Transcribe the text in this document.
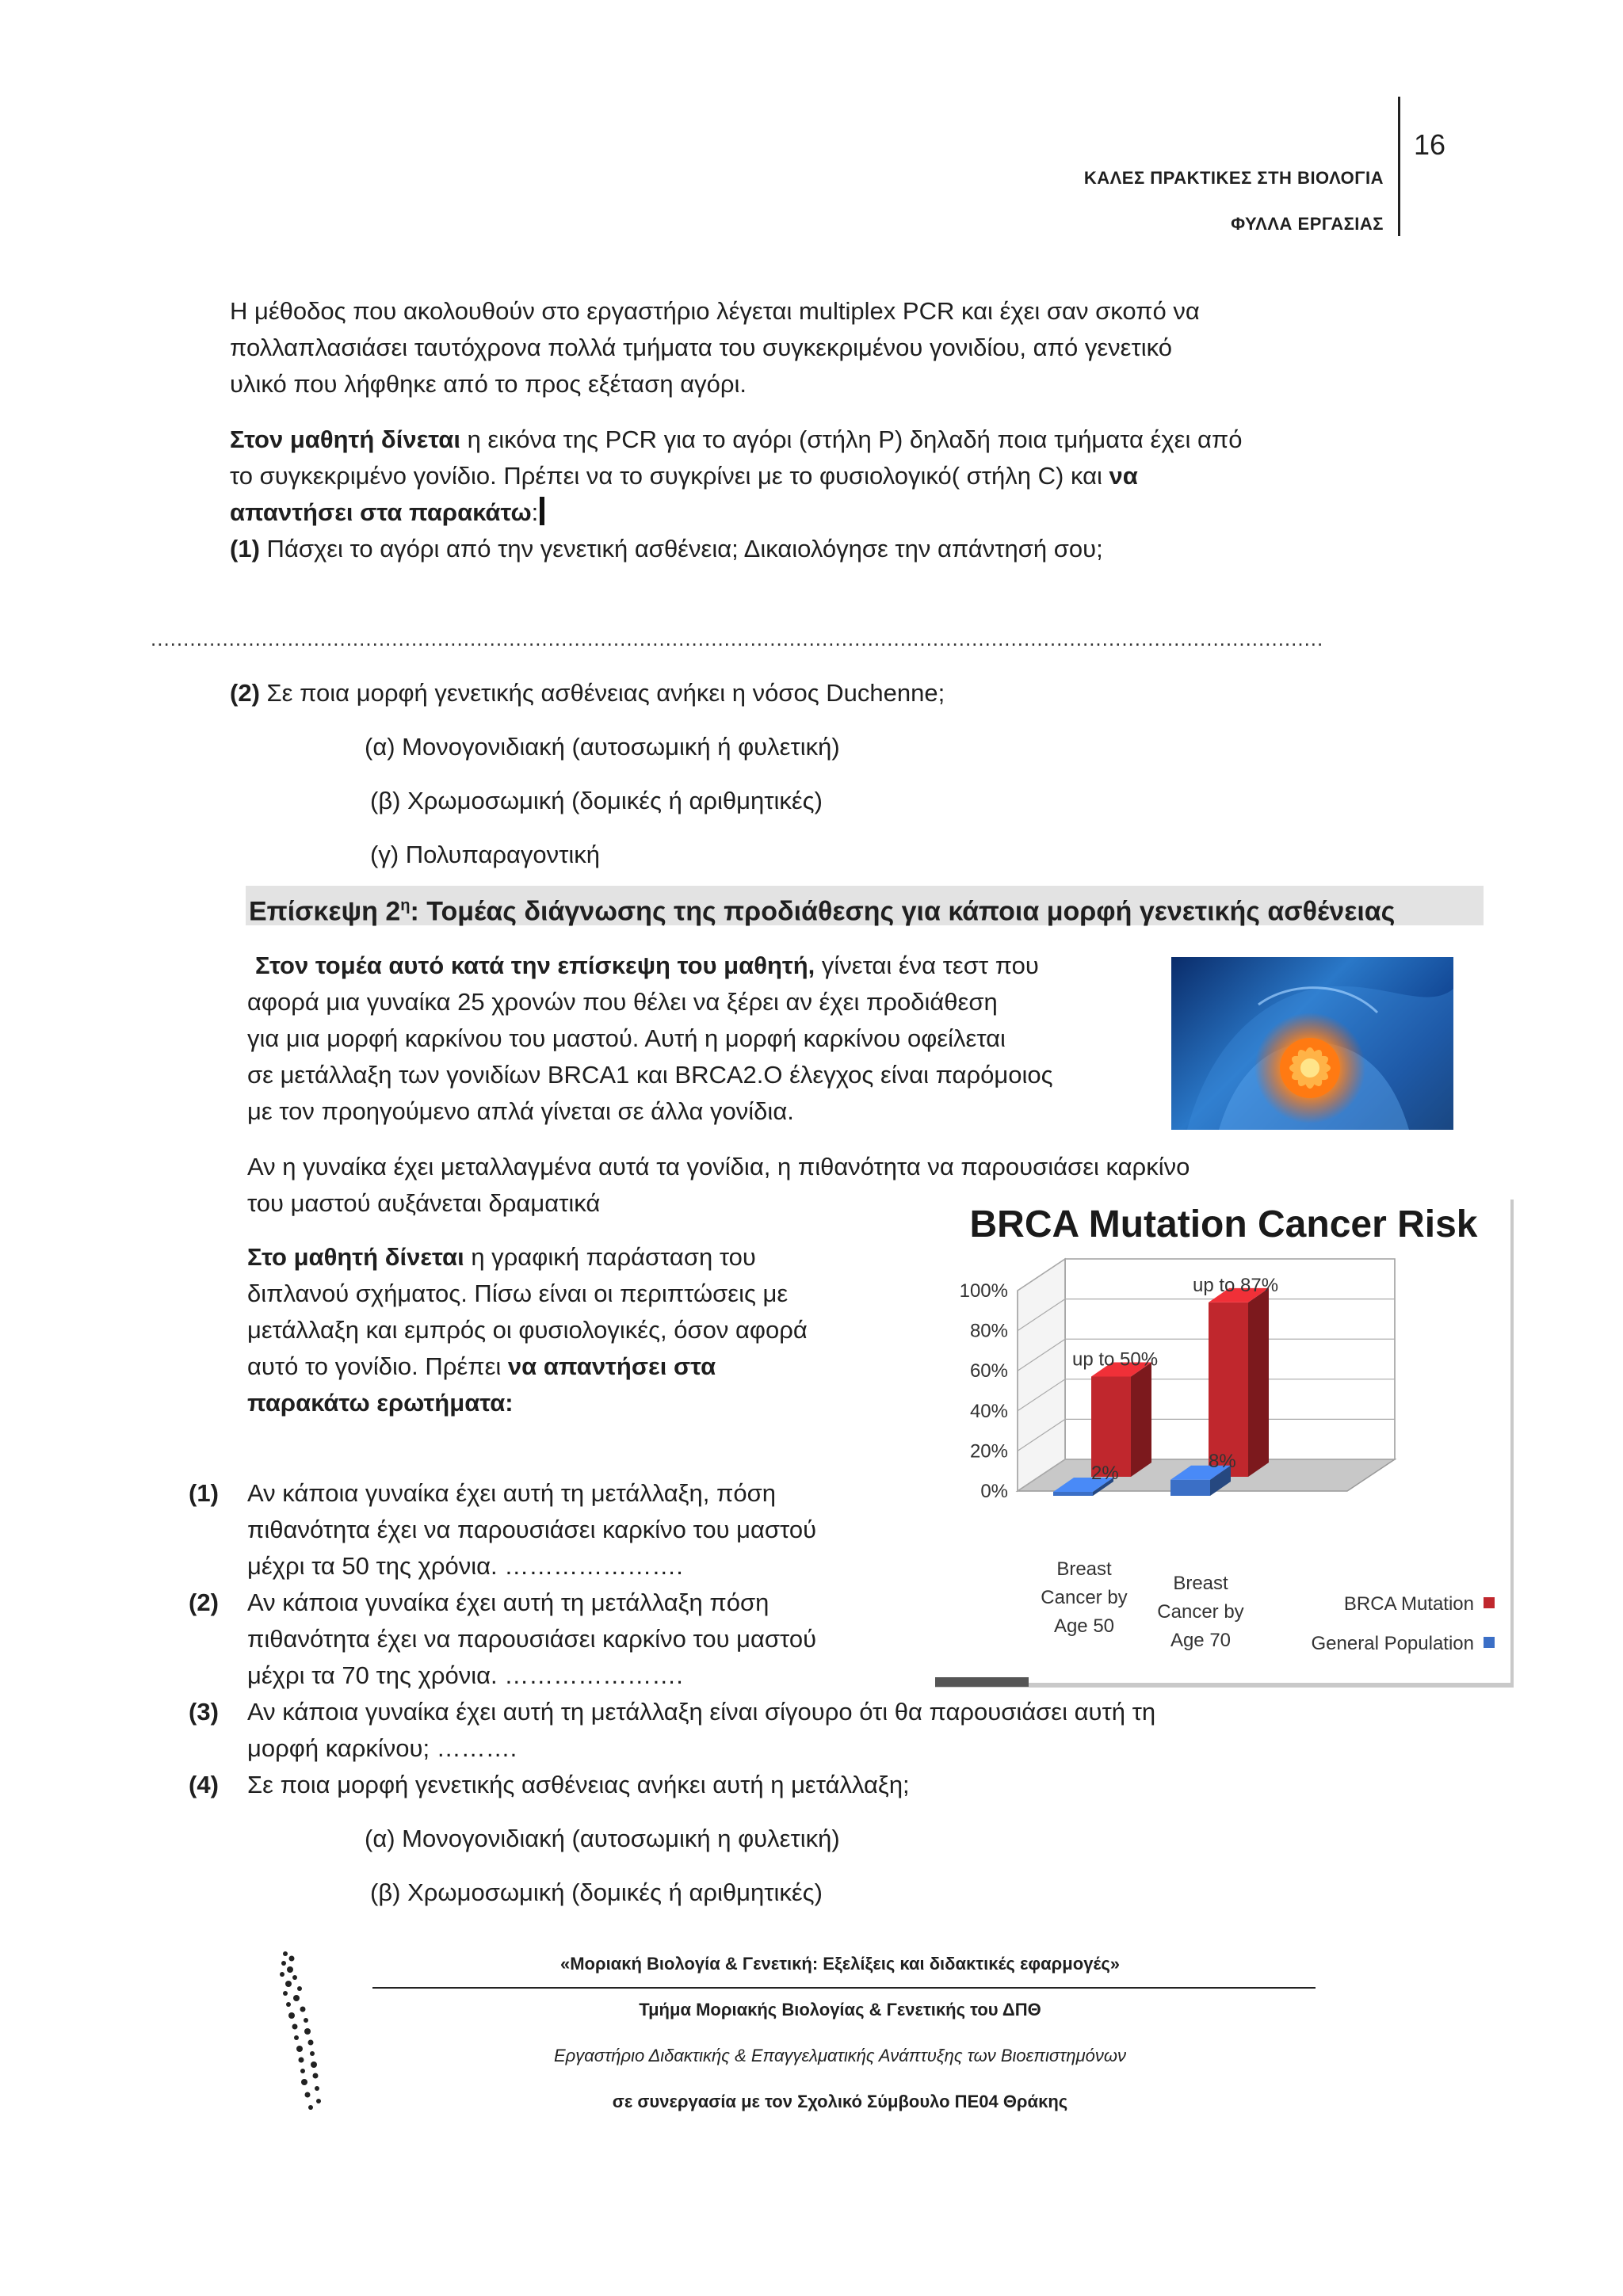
16
ΚΑΛΕΣ ΠΡΑΚΤΙΚΕΣ ΣΤΗ ΒΙΟΛΟΓΙΑ
ΦΥΛΛΑ ΕΡΓΑΣΙΑΣ
Η μέθοδος που ακολουθούν στο εργαστήριο λέγεται multiplex PCR και έχει σαν σκοπό να
πολλαπλασιάσει ταυτόχρονα πολλά τμήματα του συγκεκριμένου γονιδίου, από γενετικό
υλικό που λήφθηκε από το προς εξέταση αγόρι.
Στον μαθητή δίνεται η εικόνα της PCR για το αγόρι (στήλη P) δηλαδή ποια τμήματα έχει από
το συγκεκριμένο γονίδιο. Πρέπει να το συγκρίνει με το φυσιολογικό( στήλη C) και να
απαντήσει στα παρακάτω:
(1) Πάσχει το αγόρι από την γενετική ασθένεια; Δικαιολόγησε την απάντησή σου;
....................................................................................................................................................................................
(2) Σε ποια μορφή γενετικής ασθένειας ανήκει η νόσος Duchenne;
(α) Μονογονιδιακή (αυτοσωμική ή φυλετική)
(β) Χρωμοσωμική (δομικές ή αριθμητικές)
(γ) Πολυπαραγοντική
Επίσκεψη $2^\eta$: Τομέας διάγνωσης της προδιάθεσης για κάποια μορφή γενετικής ασθένειας
Στον τομέα αυτό κατά την επίσκεψη του μαθητή, γίνεται ένα τεστ που
αφορά μια γυναίκα 25 χρονών που θέλει να ξέρει αν έχει προδιάθεση
για μια μορφή καρκίνου του μαστού. Αυτή η μορφή καρκίνου οφείλεται
σε μετάλλαξη των γονιδίων BRCA1 και BRCA2.Ο έλεγχος είναι παρόμοιος
με τον προηγούμενο απλά γίνεται σε άλλα γονίδια.
Αν η γυναίκα έχει μεταλλαγμένα αυτά τα γονίδια, η πιθανότητα να παρουσιάσει καρκίνο
του μαστού αυξάνεται δραματικά
Στο μαθητή δίνεται η γραφική παράσταση του
διπλανού σχήματος. Πίσω είναι οι περιπτώσεις με
μετάλλαξη και εμπρός οι φυσιολογικές, όσον αφορά
αυτό το γονίδιο. Πρέπει να απαντήσει στα
παρακάτω ερωτήματα:
(1) Αν κάποια γυναίκα έχει αυτή τη μετάλλαξη, πόση
πιθανότητα έχει να παρουσιάσει καρκίνο του μαστού
μέχρι τα 50 της χρόνια. ………………….
(2) Αν κάποια γυναίκα έχει αυτή τη μετάλλαξη πόση
πιθανότητα έχει να παρουσιάσει καρκίνο του μαστού
μέχρι τα 70 της χρόνια. ………………….
(3) Αν κάποια γυναίκα έχει αυτή τη μετάλλαξη είναι σίγουρο ότι θα παρουσιάσει αυτή τη
μορφή καρκίνου; ……….
(4) Σε ποια μορφή γενετικής ασθένειας ανήκει αυτή η μετάλλαξη;
(α) Μονογονιδιακή (αυτοσωμική η φυλετική)
(β) Χρωμοσωμική (δομικές ή αριθμητικές)
BRCA Mutation Cancer Risk
0%
20%
40%
60%
80%
100%
up to 50%
up to 87%
2%
8%
Breast
Cancer by
Age 50
Breast
Cancer by
Age 70
BRCA Mutation
General Population
«Μοριακή Βιολογία & Γενετική: Εξελίξεις και διδακτικές εφαρμογές»
Τμήμα Μοριακής Βιολογίας & Γενετικής του ΔΠΘ
Εργαστήριο Διδακτικής & Επαγγελματικής Ανάπτυξης των Βιοεπιστημόνων
σε συνεργασία με τον Σχολικό Σύμβουλο ΠΕ04 Θράκης
